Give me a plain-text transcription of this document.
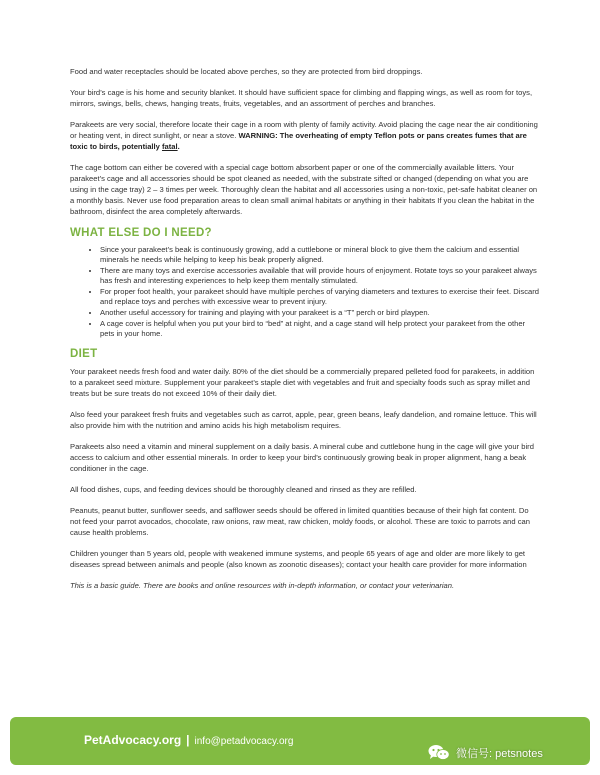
Food and water receptacles should be located above perches, so they are protected from bird droppings.

Your bird’s cage is his home and security blanket. It should have sufficient space for climbing and flapping wings, as well as room for toys, mirrors, swings, bells, chews, hanging treats, fruits, vegetables, and an assortment of perches and branches.

Parakeets are very social, therefore locate their cage in a room with plenty of family activity. Avoid placing the cage near the air conditioning or heating vent, in direct sunlight, or near a stove. WARNING: The overheating of empty Teflon pots or pans creates fumes that are toxic to birds, potentially fatal.

The cage bottom can either be covered with a special cage bottom absorbent paper or one of the commercially available litters. Your parakeet’s cage and all accessories should be spot cleaned as needed, with the substrate sifted or changed (depending on what you are using in the cage tray) 2 – 3 times per week. Thoroughly clean the habitat and all accessories using a non-toxic, pet-safe habitat cleaner on a monthly basis. Never use food preparation areas to clean small animal habitats or anything in their habitats If you clean the habitat in the bathroom, disinfect the area completely afterwards.

WHAT ELSE DO I NEED?
• Since your parakeet’s beak is continuously growing, add a cuttlebone or mineral block to give them the calcium and essential minerals he needs while helping to keep his beak properly aligned.
• There are many toys and exercise accessories available that will provide hours of enjoyment. Rotate toys so your parakeet always has fresh and interesting experiences to help keep them mentally stimulated.
• For proper foot health, your parakeet should have multiple perches of varying diameters and textures to exercise their feet. Discard and replace toys and perches with excessive wear to prevent injury.
• Another useful accessory for training and playing with your parakeet is a “T” perch or bird playpen.
• A cage cover is helpful when you put your bird to “bed” at night, and a cage stand will help protect your parakeet from the other pets in your home.
DIET

Your parakeet needs fresh food and water daily. 80% of the diet should be a commercially prepared pelleted food for parakeets, in addition to a parakeet seed mixture. Supplement your parakeet’s staple diet with vegetables and fruit and specialty foods such as spray millet and treats but be sure treats do not exceed 10% of their daily diet.

Also feed your parakeet fresh fruits and vegetables such as carrot, apple, pear, green beans, leafy dandelion, and romaine lettuce. This will also provide him with the nutrition and amino acids his high metabolism requires.

Parakeets also need a vitamin and mineral supplement on a daily basis. A mineral cube and cuttlebone hung in the cage will give your bird access to calcium and other essential minerals. In order to keep your bird’s continuously growing beak in proper alignment, hang a beak conditioner in the cage.

All food dishes, cups, and feeding devices should be thoroughly cleaned and rinsed as they are refilled.

Peanuts, peanut butter, sunflower seeds, and safflower seeds should be offered in limited quantities because of their high fat content. Do not feed your parrot avocados, chocolate, raw onions, raw meat, raw chicken, moldy foods, or alcohol. These are toxic to parrots and can cause health problems.

Children younger than 5 years old, people with weakened immune systems, and people 65 years of age and older are more likely to get diseases spread between animals and people (also known as zoonotic diseases); contact your health care provider for more information

This is a basic guide. There are books and online resources with in-depth information, or contact your veterinarian.

PetAdvocacy.org | info@petadvocacy.org
微信号: petsnotes
